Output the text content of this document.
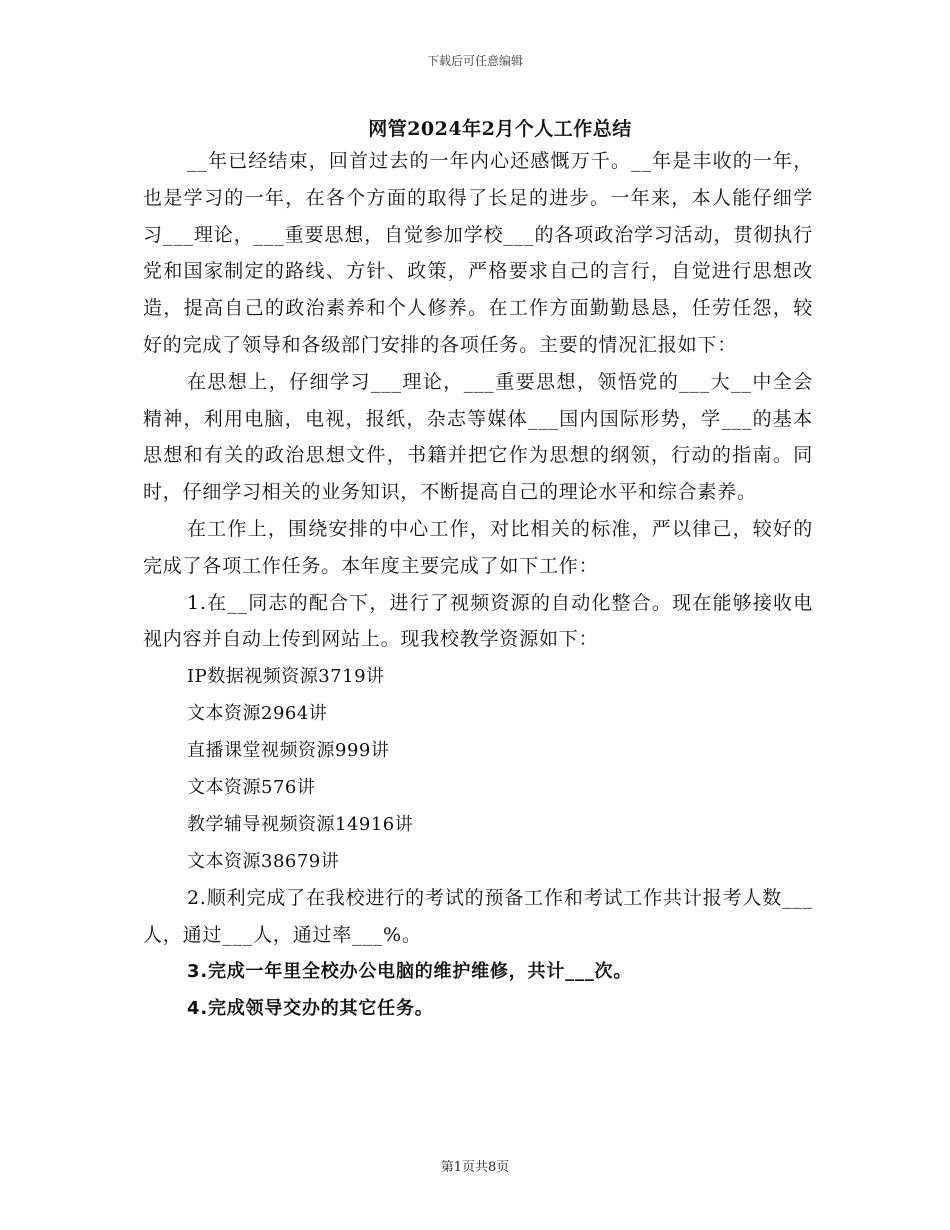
下载后可任意编辑
网管2024年2月个人工作总结

__年已经结束，回首过去的一年内心还感慨万千。__年是丰收的一年，也是学习的一年，在各个方面的取得了长足的进步。一年来，本人能仔细学习___理论，___重要思想，自觉参加学校___的各项政治学习活动，贯彻执行党和国家制定的路线、方针、政策，严格要求自己的言行，自觉进行思想改造，提高自己的政治素养和个人修养。在工作方面勤勤恳恳，任劳任怨，较好的完成了领导和各级部门安排的各项任务。主要的情况汇报如下：

在思想上，仔细学习___理论，___重要思想，领悟党的___大__中全会精神，利用电脑，电视，报纸，杂志等媒体___国内国际形势，学___的基本思想和有关的政治思想文件，书籍并把它作为思想的纲领，行动的指南。同时，仔细学习相关的业务知识，不断提高自己的理论水平和综合素养。

在工作上，围绕安排的中心工作，对比相关的标准，严以律己，较好的完成了各项工作任务。本年度主要完成了如下工作：

1.在__同志的配合下，进行了视频资源的自动化整合。现在能够接收电视内容并自动上传到网站上。现我校教学资源如下：

IP数据视频资源3719讲

文本资源2964讲

直播课堂视频资源999讲

文本资源576讲

教学辅导视频资源14916讲

文本资源38679讲

2.顺利完成了在我校进行的考试的预备工作和考试工作共计报考人数___人，通过___人，通过率___%。

3.完成一年里全校办公电脑的维护维修，共计___次。

4.完成领导交办的其它任务。

第1页共8页
